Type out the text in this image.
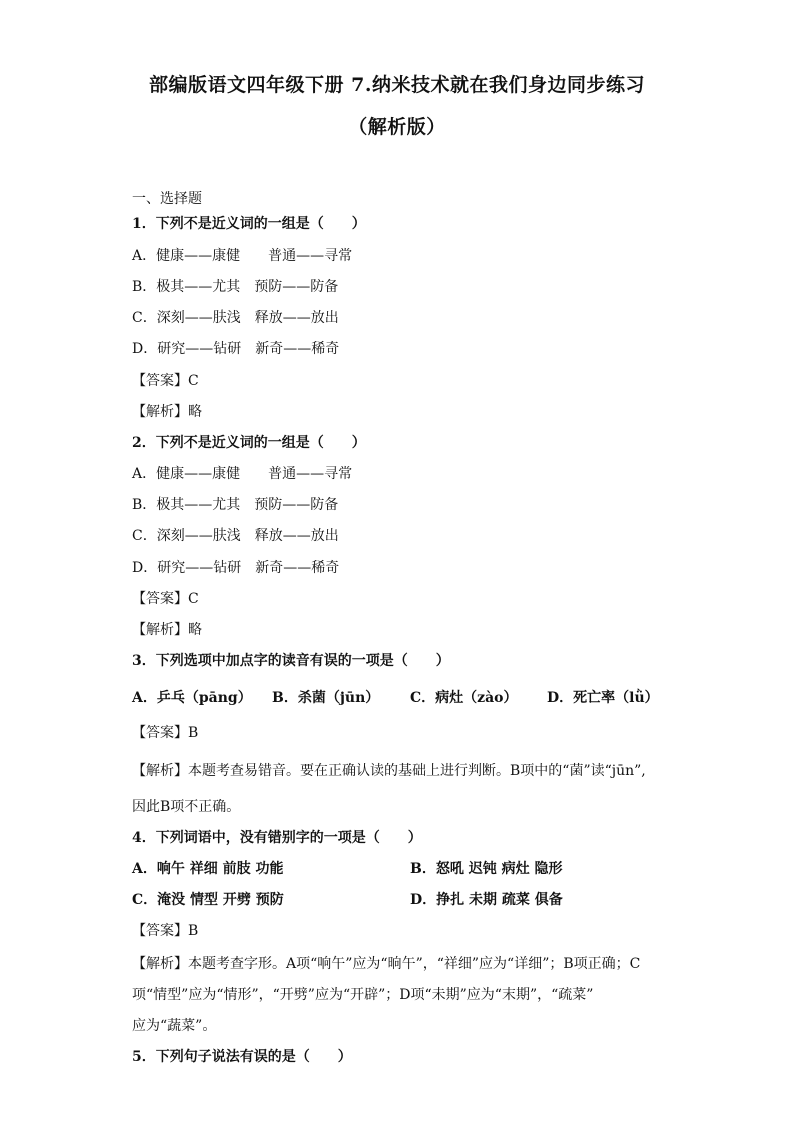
部编版语文四年级下册 7.纳米技术就在我们身边同步练习
（解析版）
一、选择题
1．下列不是近义词的一组是（　　）
A．健康——康健　　普通——寻常
B．极其——尤其　预防——防备
C．深刻——肤浅　释放——放出
D．研究——钻研　新奇——稀奇
【答案】C
【解析】略
2．下列不是近义词的一组是（　　）
A．健康——康健　　普通——寻常
B．极其——尤其　预防——防备
C．深刻——肤浅　释放——放出
D．研究——钻研　新奇——稀奇
【答案】C
【解析】略
3．下列选项中加点字的读音有误的一项是（　　）
A．乒乓（pāng） B．杀菌（jūn） C．病灶（zào） D．死亡率（lǜ）
【答案】B
【解析】本题考查易错音。要在正确认读的基础上进行判断。B项中的“菌”读“jūn”,
因此B项不正确。
4．下列词语中，没有错别字的一项是（　　）
A．响午 祥细 前肢 功能	B．怒吼 迟钝 病灶 隐形
C．淹没 情型 开劈 预防	D．挣扎 未期 疏菜 俱备
【答案】B
【解析】本题考查字形。A项“响午”应为“晌午”，“祥细”应为“详细”；B项正确；C
项“情型”应为“情形”，“开劈”应为“开辟”；D项“未期”应为“末期”，“疏菜”
应为“蔬菜”。
5．下列句子说法有误的是（　　）
